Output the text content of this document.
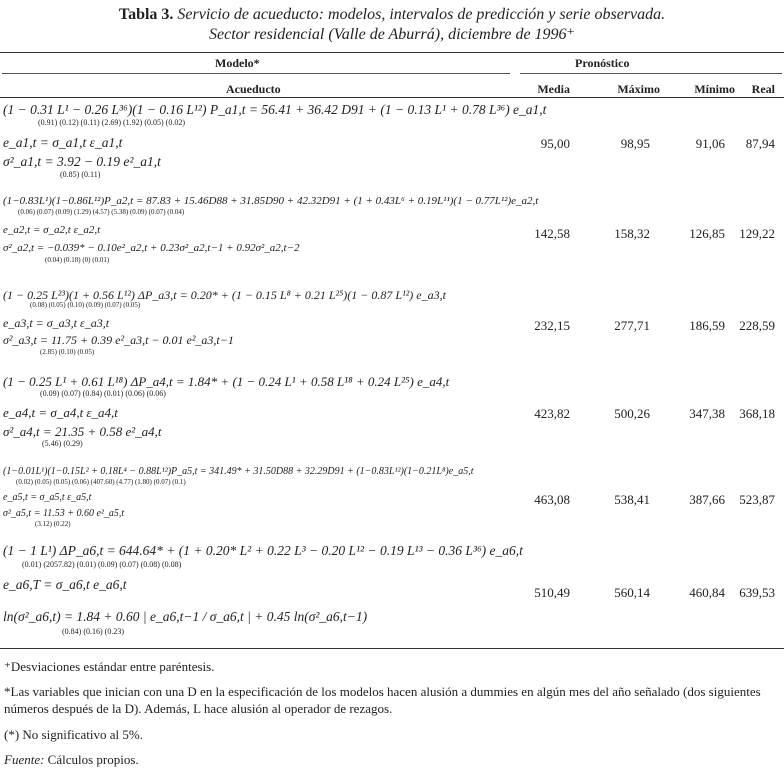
Tabla 3. Servicio de acueducto: modelos, intervalos de predicción y serie observada.
Sector residencial (Valle de Aburrá), diciembre de 1996⁺
Modelo*	Pronóstico
Acueducto	Media	Máximo	Mínimo	Real
(1 − 0.31 L¹ − 0.26 L³⁶)(1 − 0.16 L¹²) P_a1,t = 56.41 + 36.42 D91 + (1 − 0.13 L¹ + 0.78 L³⁶) e_a1,t
(0.91) (0.12) (0.11) (2.69) (1.92) (0.05) (0.02)
e_a1,t = σ_a1,t ε_a1,t
σ²_a1,t = 3.92 − 0.19 e²_a1,t
(0.85) (0.11)
95,00	98,95	91,06	87,94
(1−0.83L¹)(1−0.86L¹²)P_a2,t = 87.83 + 15.46D88 + 31.85D90 + 42.32D91 + (1 + 0.43L⁶ + 0.19L¹¹)(1 − 0.77L¹²)e_a2,t
(0.06) (0.07) (0.09) (1.29) (4.57) (5.38) (0.09) (0.07) (0.04)
e_a2,t = σ_a2,t ε_a2,t
σ²_a2,t = −0.039* − 0.10e²_a2,t + 0.23σ²_a2,t−1 + 0.92σ²_a2,t−2
(0.04) (0.18) (0) (0.01)
142,58	158,32	126,85	129,22
(1 − 0.25 L²³)(1 + 0.56 L¹²) ΔP_a3,t = 0.20* + (1 − 0.15 L⁸ + 0.21 L²⁵)(1 − 0.87 L¹²) e_a3,t
(0.08) (0.05) (0.10) (0.09) (0.07) (0.05)
e_a3,t = σ_a3,t ε_a3,t
σ²_a3,t = 11.75 + 0.39 e²_a3,t − 0.01 e²_a3,t−1
(2.85) (0.10) (0.05)
232,15	277,71	186,59	228,59
(1 − 0.25 L¹ + 0.61 L¹⁸) ΔP_a4,t = 1.84* + (1 − 0.24 L¹ + 0.58 L¹⁸ + 0.24 L²⁵) e_a4,t
(0.09) (0.07) (0.84) (0.01) (0.06) (0.06)
e_a4,t = σ_a4,t ε_a4,t
σ²_a4,t = 21.35 + 0.58 e²_a4,t
(5.46) (0.29)
423,82	500,26	347,38	368,18
(1−0.01L¹)(1−0.15L² + 0.18L⁴ − 0.88L¹²)P_a5,t = 341.49* + 31.50D88 + 32.29D91 + (1−0.83L¹²)(1−0.21L⁸)e_a5,t
(0.02) (0.05) (0.05) (0.06) (407.60) (4.77) (1.80) (0.07) (0.1)
e_a5,t = σ_a5,t ε_a5,t
σ²_a5,t = 11.53 + 0.60 e²_a5,t
(3.12) (0.22)
463,08	538,41	387,66	523,87
(1 − 1 L¹) ΔP_a6,t = 644.64* + (1 + 0.20* L² + 0.22 L³ − 0.20 L¹² − 0.19 L¹³ − 0.36 L³⁶) e_a6,t
(0.01) (2057.82) (0.01) (0.09) (0.07) (0.08) (0.08)
e_a6,T = σ_a6,t e_a6,t
ln(σ²_a6,t) = 1.84 + 0.60 | e_a6,t−1 / σ_a6,t | + 0.45 ln(σ²_a6,t−1)
(0.84) (0.16) (0.23)
510,49	560,14	460,84	639,53
⁺Desviaciones estándar entre paréntesis.
*Las variables que inician con una D en la especificación de los modelos hacen alusión a dummies en algún mes del año señalado (dos siguientes números después de la D). Además, L hace alusión al operador de rezagos.
(*) No significativo al 5%.
Fuente: Cálculos propios.
